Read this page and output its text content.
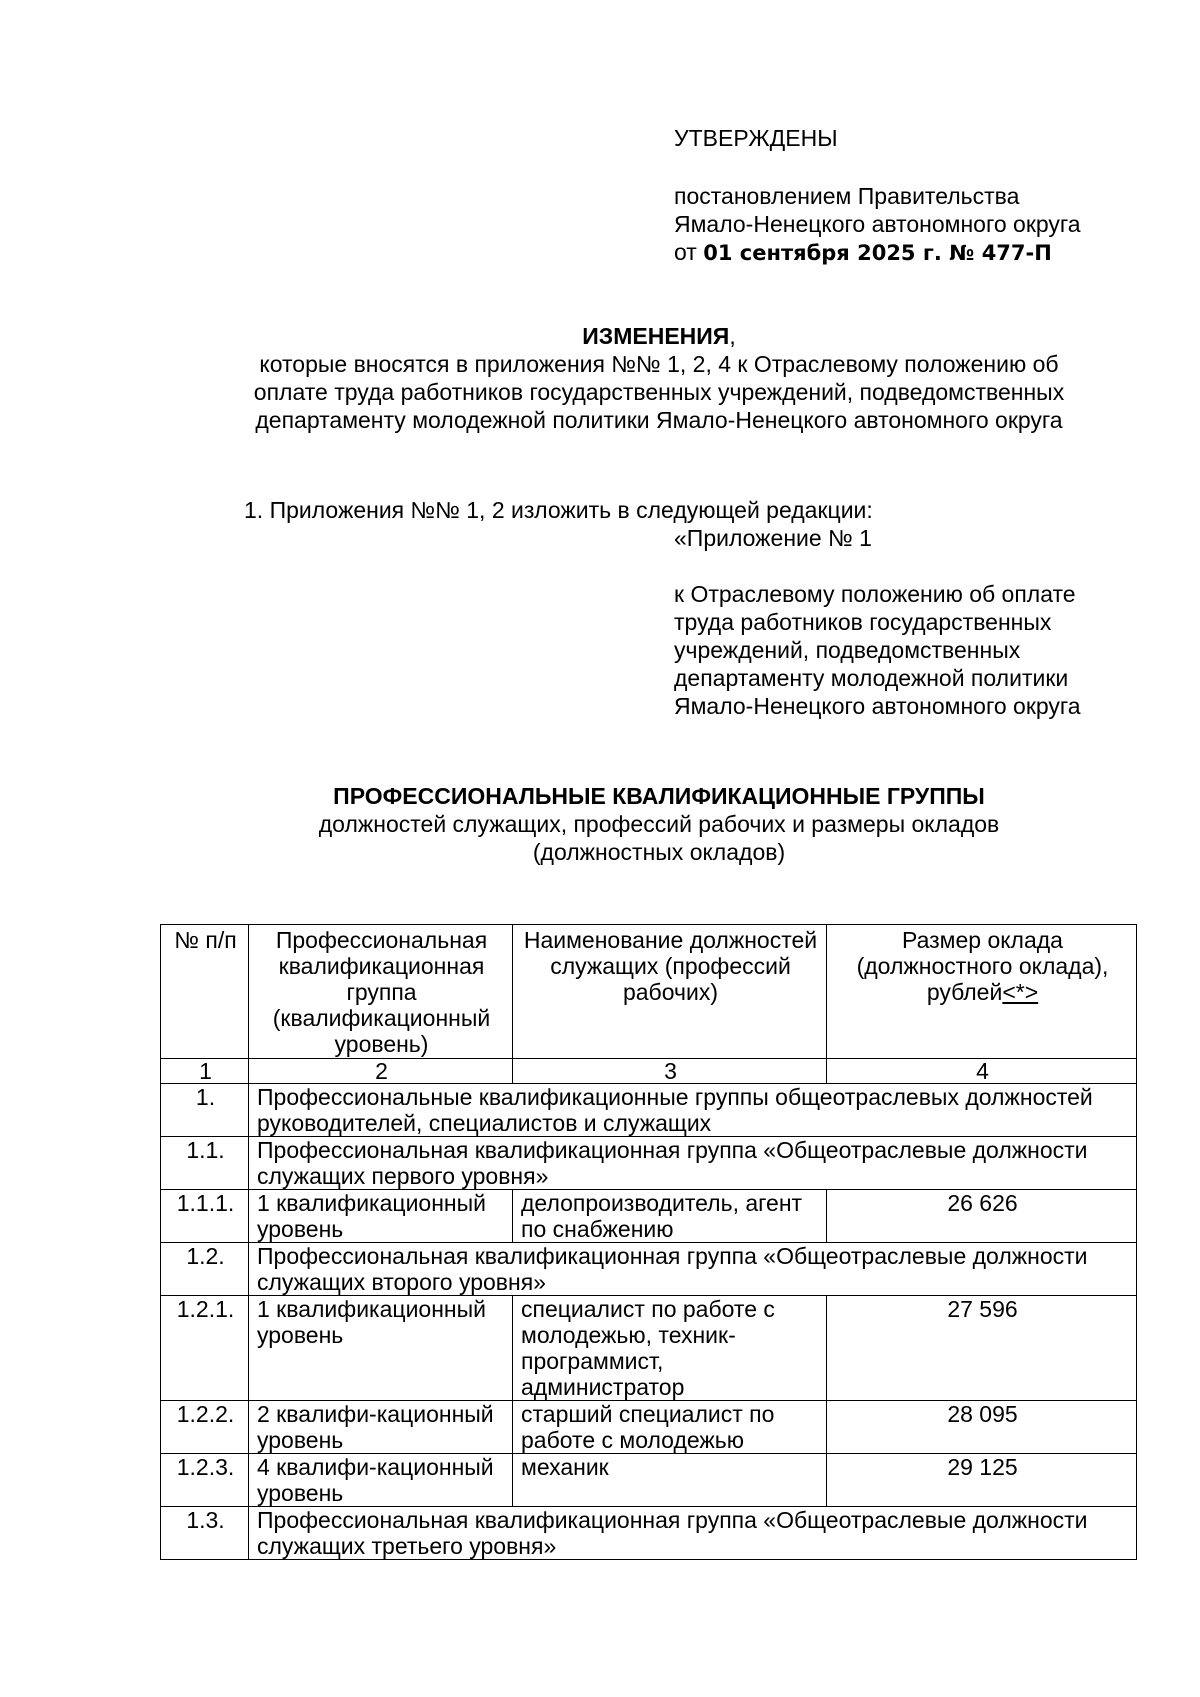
УТВЕРЖДЕНЫ
постановлением Правительства
Ямало-Ненецкого автономного округа
от 01 сентября 2025 г. № 477-П
ИЗМЕНЕНИЯ,
которые вносятся в приложения №№ 1, 2, 4 к Отраслевому положению об
оплате труда работников государственных учреждений, подведомственных
департаменту молодежной политики Ямало-Ненецкого автономного округа
1. Приложения №№ 1, 2 изложить в следующей редакции:
«Приложение № 1
к Отраслевому положению об оплате
труда работников государственных
учреждений, подведомственных
департаменту молодежной политики
Ямало-Ненецкого автономного округа
ПРОФЕССИОНАЛЬНЫЕ КВАЛИФИКАЦИОННЫЕ ГРУППЫ
должностей служащих, профессий рабочих и размеры окладов
(должностных окладов)
№ п/п	Профессиональная квалификационная группа (квалификационный уровень)	Наименование должностей служащих (профессий рабочих)	Размер оклада (должностного оклада), рублей<*>
1	2	3	4
1.	Профессиональные квалификационные группы общеотраслевых должностей руководителей, специалистов и служащих		
1.1.	Профессиональная квалификационная группа «Общеотраслевые должности служащих первого уровня»		
1.1.1.	1 квалификационный уровень	делопроизводитель, агент по снабжению	26 626
1.2.	Профессиональная квалификационная группа «Общеотраслевые должности служащих второго уровня»		
1.2.1.	1 квалификационный уровень	специалист по работе с молодежью, техник-программист, администратор	27 596
1.2.2.	2 квалифи-кационный уровень	старший специалист по работе с молодежью	28 095
1.2.3.	4 квалифи-кационный уровень	механик	29 125
1.3.	Профессиональная квалификационная группа «Общеотраслевые должности служащих третьего уровня»		
